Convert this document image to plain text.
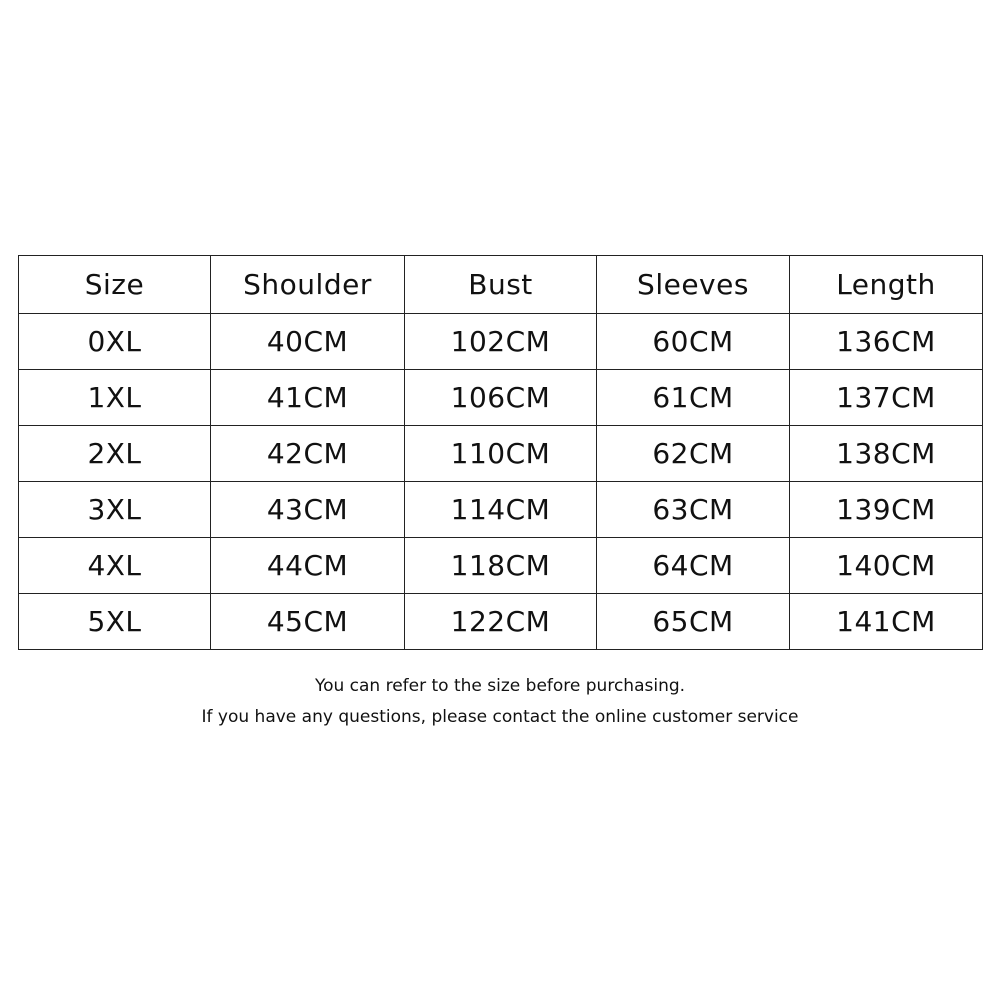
Size	Shoulder	Bust	Sleeves	Length
0XL	40CM	102CM	60CM	136CM
1XL	41CM	106CM	61CM	137CM
2XL	42CM	110CM	62CM	138CM
3XL	43CM	114CM	63CM	139CM
4XL	44CM	118CM	64CM	140CM
5XL	45CM	122CM	65CM	141CM
You can refer to the size before purchasing.
If you have any questions, please contact the online customer service
